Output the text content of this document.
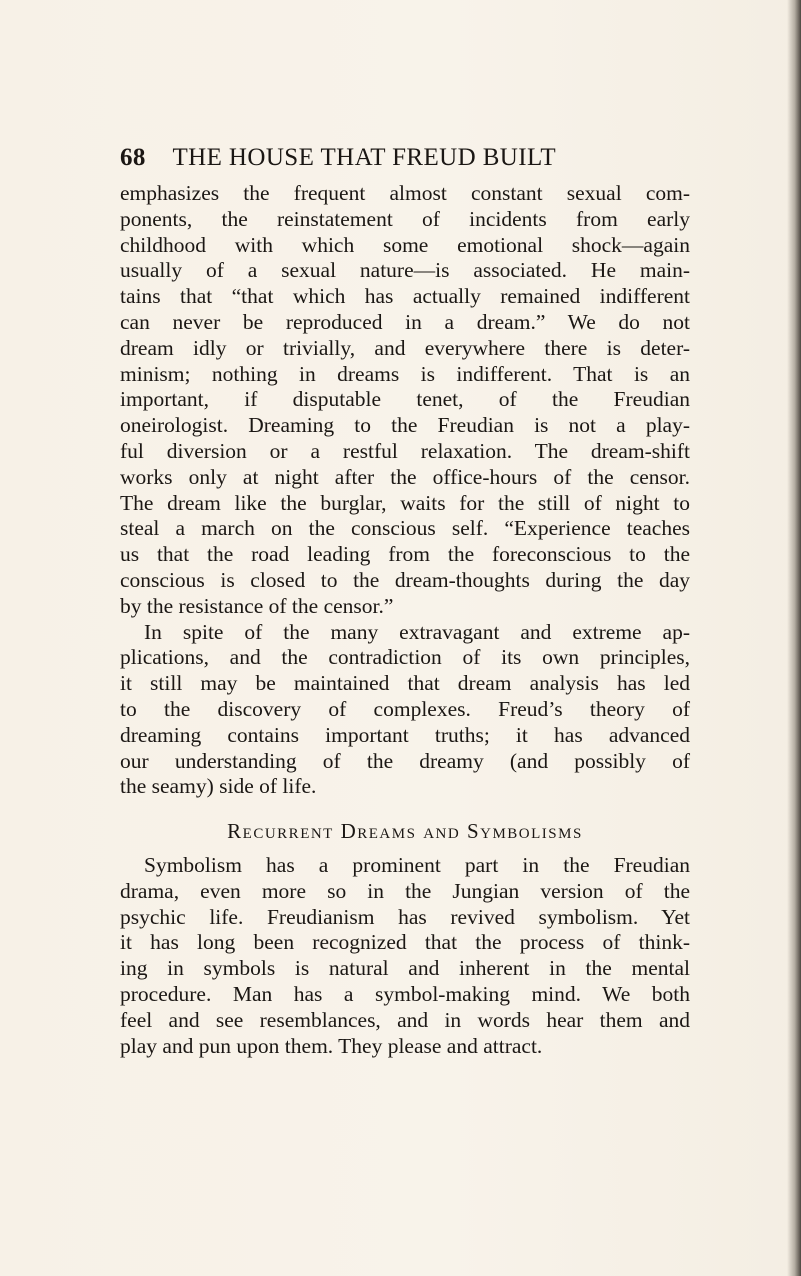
68 THE HOUSE THAT FREUD BUILT
emphasizes the frequent almost constant sexual com-
ponents, the reinstatement of incidents from early
childhood with which some emotional shock—again
usually of a sexual nature—is associated. He main-
tains that “that which has actually remained indifferent
can never be reproduced in a dream.” We do not
dream idly or trivially, and everywhere there is deter-
minism; nothing in dreams is indifferent. That is an
important, if disputable tenet, of the Freudian
oneirologist. Dreaming to the Freudian is not a play-
ful diversion or a restful relaxation. The dream-shift
works only at night after the office-hours of the censor.
The dream like the burglar, waits for the still of night to
steal a march on the conscious self. “Experience teaches
us that the road leading from the foreconscious to the
conscious is closed to the dream-thoughts during the day
by the resistance of the censor.”
In spite of the many extravagant and extreme ap-
plications, and the contradiction of its own principles,
it still may be maintained that dream analysis has led
to the discovery of complexes. Freud’s theory of
dreaming contains important truths; it has advanced
our understanding of the dreamy (and possibly of
the seamy) side of life.
Recurrent Dreams and Symbolisms
Symbolism has a prominent part in the Freudian
drama, even more so in the Jungian version of the
psychic life. Freudianism has revived symbolism. Yet
it has long been recognized that the process of think-
ing in symbols is natural and inherent in the mental
procedure. Man has a symbol-making mind. We both
feel and see resemblances, and in words hear them and
play and pun upon them. They please and attract.
